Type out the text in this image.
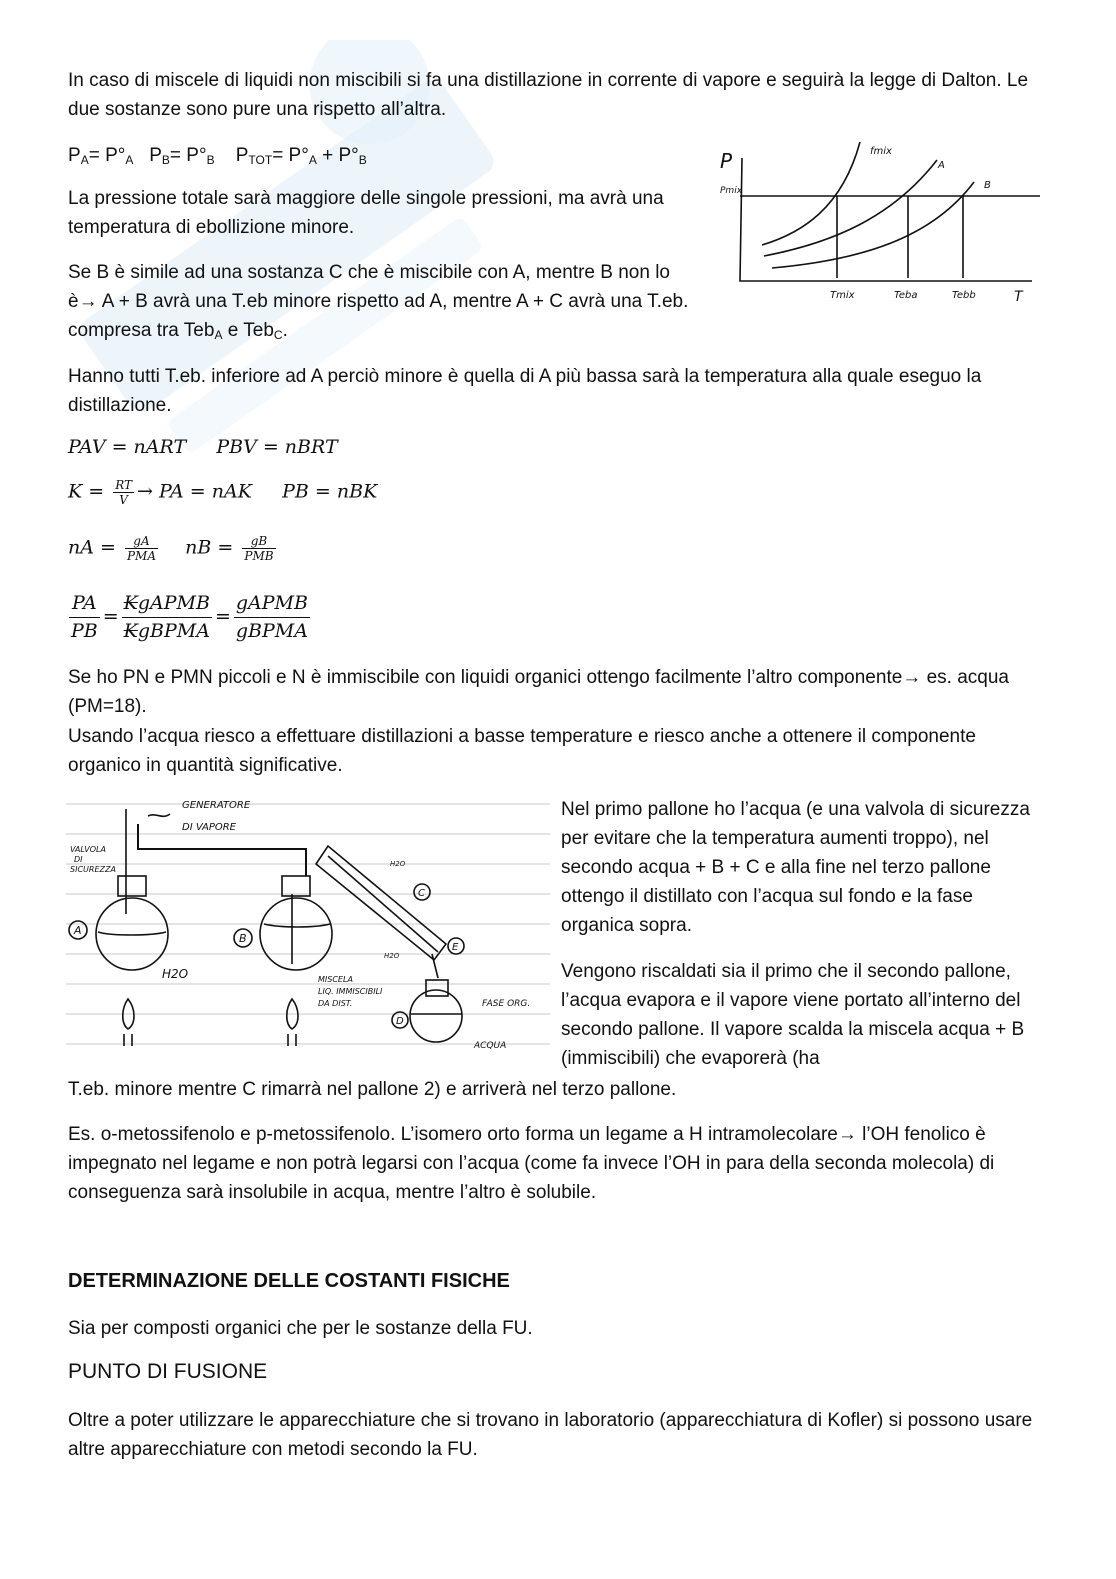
In caso di miscele di liquidi non miscibili si fa una distillazione in corrente di vapore e seguirà la legge di Dalton. Le due sostanze sono pure una rispetto all’altra.
$P_A= P^\circ_A$ $P_B= P^\circ_B$ $P_{TOT}= P^\circ_A + P^\circ_B$
La pressione totale sarà maggiore delle singole pressioni, ma avrà una temperatura di ebollizione minore.
Se B è simile ad una sostanza C che è miscibile con A, mentre B non lo è→ A + B avrà una T.eb minore rispetto ad A, mentre A + C avrà una T.eb. compresa tra Teb$_A$ e Teb$_C$.
P
Pmix
fmix
A
B
Tmix	Teba	Tebb	T
Hanno tutti T.eb. inferiore ad A perciò minore è quella di A più bassa sarà la temperatura alla quale eseguo la distillazione.
PAV = nART PBV = nBRT
$K = \frac{RT}{V}$ → PA = nAK PB = nBK
nA = $\frac{gA}{\text{PMA}}$ nB = $\frac{gB}{\text{PMB}}$
$\frac{PA}{PB} = \frac{\text{KgAPMB}}{\text{KgBPMA}} = \frac{\text{gAPMB}}{\text{gBPMA}}$
Se ho PN e PMN piccoli e N è immiscibile con liquidi organici ottengo facilmente l’altro componente→ es. acqua (PM=18).
Usando l’acqua riesco a effettuare distillazioni a basse temperature e riesco anche a ottenere il componente organico in quantità significative.
GENERATORE
DI VAPORE
VALVOLA
DI
SICUREZZA
A
B
C
E
D
H2O
H2O
H2O
MISCELA
LIQ. IMMISCIBILI
DA DIST.	FASE ORG.
ACQUA
Nel primo pallone ho l’acqua (e una valvola di sicurezza per evitare che la temperatura aumenti troppo), nel secondo acqua + B + C e alla fine nel terzo pallone ottengo il distillato con l’acqua sul fondo e la fase organica sopra.
Vengono riscaldati sia il primo che il secondo pallone, l’acqua evapora e il vapore viene portato all’interno del secondo pallone. Il vapore scalda la miscela acqua + B (immiscibili) che evaporerà (ha
T.eb. minore mentre C rimarrà nel pallone 2) e arriverà nel terzo pallone.
Es. o-metossifenolo e p-metossifenolo. L’isomero orto forma un legame a H intramolecolare→ l’OH fenolico è impegnato nel legame e non potrà legarsi con l’acqua (come fa invece l’OH in para della seconda molecola) di conseguenza sarà insolubile in acqua, mentre l’altro è solubile.
DETERMINAZIONE DELLE COSTANTI FISICHE
Sia per composti organici che per le sostanze della FU.
PUNTO DI FUSIONE
Oltre a poter utilizzare le apparecchiature che si trovano in laboratorio (apparecchiatura di Kofler) si possono usare altre apparecchiature con metodi secondo la FU.
